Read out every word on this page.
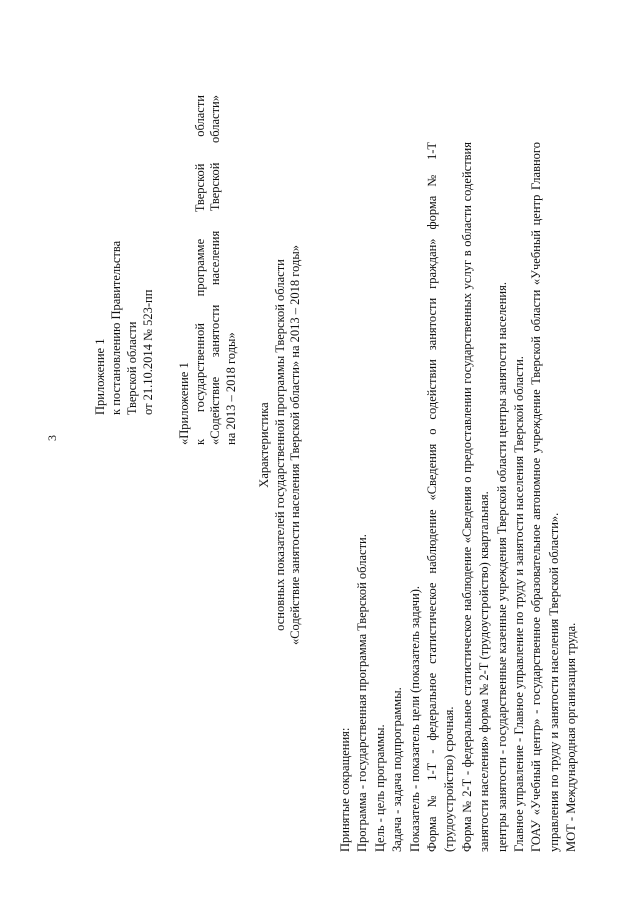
3
Приложение 1 к постановлению Правительства Тверской области от 21.10.2014 № 523-пп «Приложение 1 к государственной программе Тверской области «Содействие занятости населения Тверской области» на 2013 – 2018 годы» Характеристика основных показателей государственной программы Тверской области «Содействие занятости населения Тверской области» на 2013 – 2018 годы»

Принятые сокращения: Программа - государственная программа Тверской области. Цель - цель программы. Задача - задача подпрограммы. Показатель - показатель цели (показатель задачи). Форма № 1-Т - федеральное статистическое наблюдение «Сведения о содействии занятости граждан» форма № 1-Т (трудоустройство) срочная. Форма № 2-Т - федеральное статистическое наблюдение «Сведения о предоставлении государственных услуг в области содействия занятости населения» форма № 2-Т (трудоустройство) квартальная. центры занятости - государственные казенные учреждения Тверской области центры занятости населения. Главное управление - Главное управление по труду и занятости населения Тверской области. ГОАУ «Учебный центр» - государственное образовательное автономное учреждение Тверской области «Учебный центр Главного управления по труду и занятости населения Тверской области». МОТ - Международная организация труда.
